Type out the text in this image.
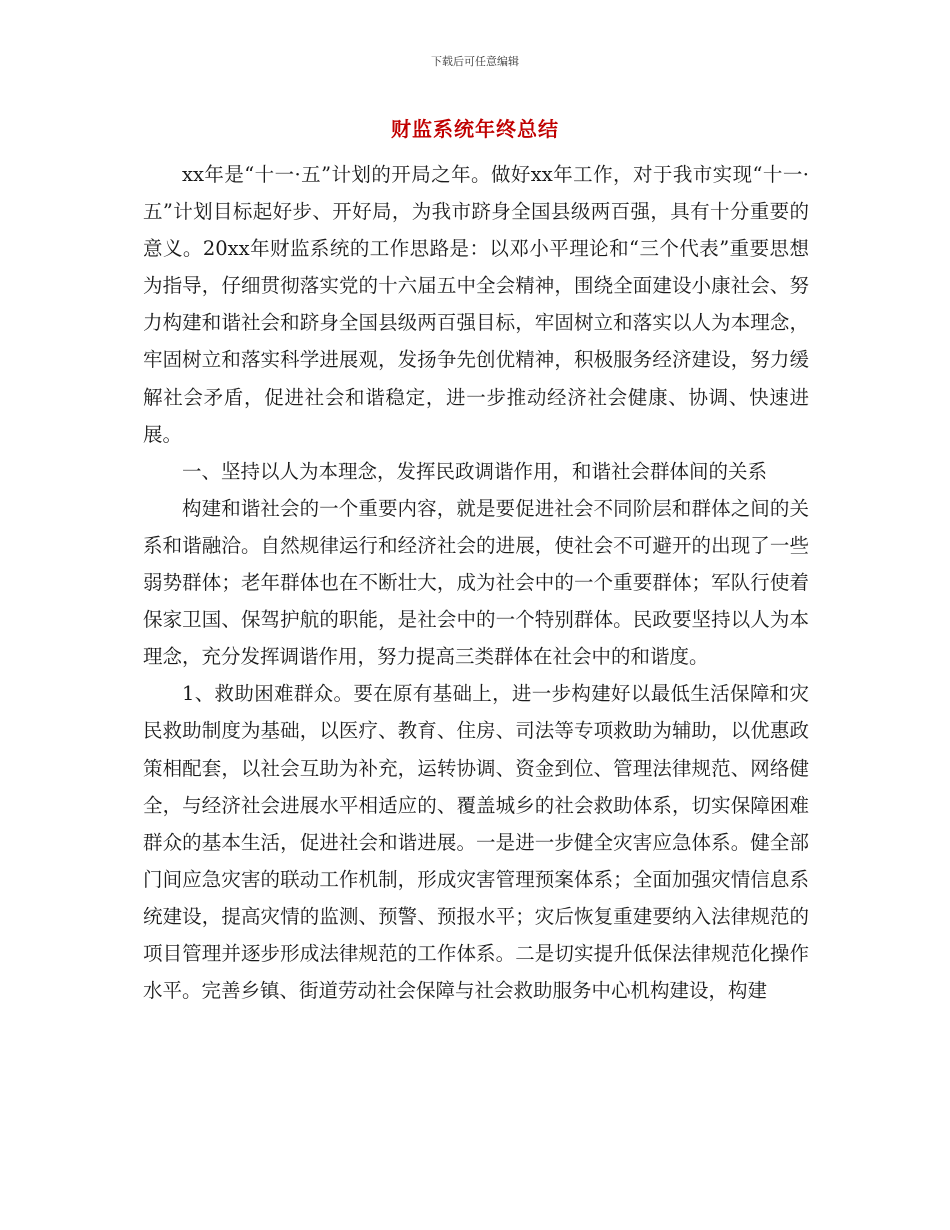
下载后可任意编辑
财监系统年终总结

xx年是“十一·五”计划的开局之年。做好xx年工作，对于我市实现“十一·五”计划目标起好步、开好局，为我市跻身全国县级两百强，具有十分重要的意义。20xx年财监系统的工作思路是：以邓小平理论和“三个代表”重要思想为指导，仔细贯彻落实党的十六届五中全会精神，围绕全面建设小康社会、努力构建和谐社会和跻身全国县级两百强目标，牢固树立和落实以人为本理念，牢固树立和落实科学进展观，发扬争先创优精神，积极服务经济建设，努力缓解社会矛盾，促进社会和谐稳定，进一步推动经济社会健康、协调、快速进展。

一、坚持以人为本理念，发挥民政调谐作用，和谐社会群体间的关系

构建和谐社会的一个重要内容，就是要促进社会不同阶层和群体之间的关系和谐融洽。自然规律运行和经济社会的进展，使社会不可避开的出现了一些弱势群体；老年群体也在不断壮大，成为社会中的一个重要群体；军队行使着保家卫国、保驾护航的职能，是社会中的一个特别群体。民政要坚持以人为本理念，充分发挥调谐作用，努力提高三类群体在社会中的和谐度。

1、救助困难群众。要在原有基础上，进一步构建好以最低生活保障和灾民救助制度为基础，以医疗、教育、住房、司法等专项救助为辅助，以优惠政策相配套，以社会互助为补充，运转协调、资金到位、管理法律规范、网络健全，与经济社会进展水平相适应的、覆盖城乡的社会救助体系，切实保障困难群众的基本生活，促进社会和谐进展。一是进一步健全灾害应急体系。健全部门间应急灾害的联动工作机制，形成灾害管理预案体系；全面加强灾情信息系统建设，提高灾情的监测、预警、预报水平；灾后恢复重建要纳入法律规范的项目管理并逐步形成法律规范的工作体系。二是切实提升低保法律规范化操作水平。完善乡镇、街道劳动社会保障与社会救助服务中心机构建设，构建
